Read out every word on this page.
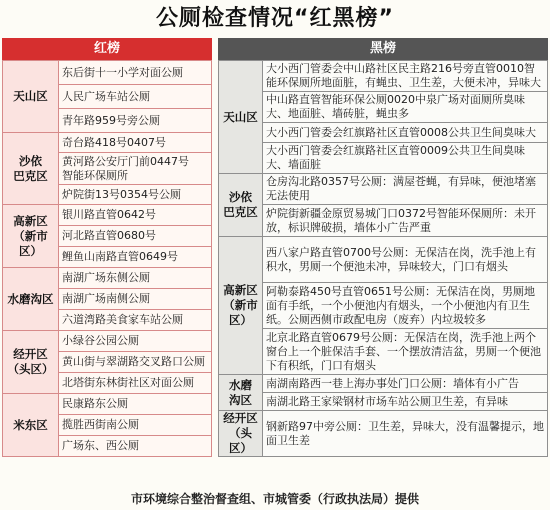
公厕检查情况“红黑榜”
红榜
天山区	东后街十一小学对面公厕
	人民广场车站公厕
	青年路959号旁公厕
沙依
巴克区	奇台路418号0407号
	黄河路公安厅门前0447号
智能环保厕所
	炉院街13号0354号公厕
高新区
（新市区）	银川路直管0642号
	河北路直管0680号
	鲤鱼山南路直管0649号
水磨沟区	南湖广场东侧公厕
	南湖广场南侧公厕
	六道湾路美食家车站公厕
经开区
（头区）	小绿谷公园公厕
	黄山街与翠湖路交叉路口公厕
	北塔街东林街社区对面公厕
米东区	民康路东公厕
	揽胜西街南公厕
	广场东、西公厕
黑榜
天山区	大小西门管委会中山路社区民主路216号旁直管0010智能环保厕所地面脏，有蝇虫、卫生差，大便未冲，异味大
	中山路直管智能环保公厕0020中泉广场对面厕所臭味大、地面脏、墙砖脏，蝇虫多
	大小西门管委会红旗路社区直管0008公共卫生间臭味大
	大小西门管委会红旗路社区直管0009公共卫生间臭味大、墙面脏
沙依
巴克区	仓房沟北路0357号公厕：满屋苍蝇，有异味，便池堵塞无法使用
	炉院街新疆金原贸易城门口0372号智能环保厕所：未开放，标识牌破损，墙体小广告严重
高新区
（新市区）	西八家户路直管0700号公厕：无保洁在岗，洗手池上有积水，男厕一个便池未冲，异味较大，门口有烟头
	阿勒泰路450号直管0651号公厕：无保洁在岗，男厕地面有手纸，一个小便池内有烟头，一个小便池内有卫生纸。公厕西侧市政配电房（废弃）内垃圾较多
	北京北路直管0679号公厕：无保洁在岗，洗手池上两个窗台上一个脏保洁手套、一个摆放清洁盆，男厕一个便池下有积纸，门口有烟头
水磨
沟区	南湖南路西一巷上海办事处门口公厕：墙体有小广告
	南湖北路王家梁钢材市场车站公厕卫生差，有异味
经开区
（头区）	钢新路97中旁公厕：卫生差，异味大，没有温馨提示，地面卫生差
市环境综合整治督查组、市城管委（行政执法局）提供
